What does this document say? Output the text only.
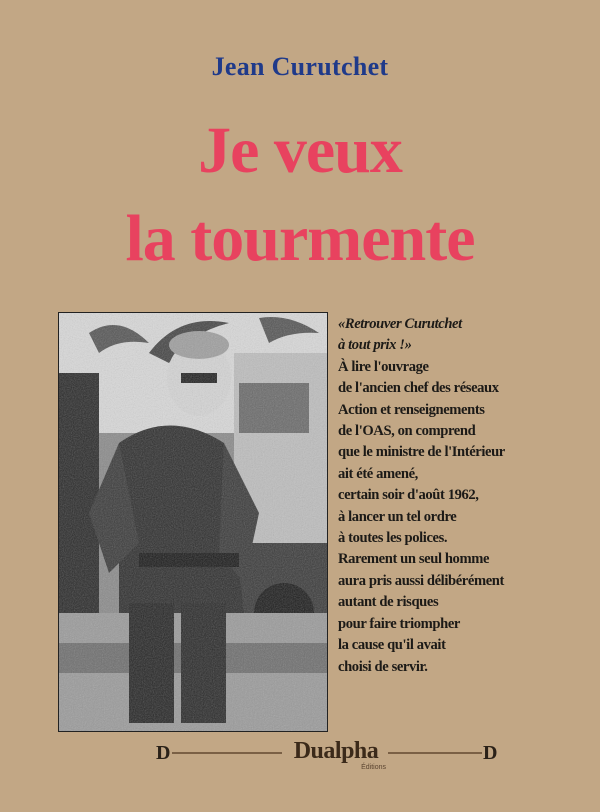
Jean Curutchet
Je veux
la tourmente
«Retrouver Curutchet
à tout prix !»
À lire l'ouvrage
de l'ancien chef des réseaux
Action et renseignements
de l'OAS, on comprend
que le ministre de l'Intérieur
ait été amené,
certain soir d'août 1962,
à lancer un tel ordre
à toutes les polices.
Rarement un seul homme
aura pris aussi délibérément
autant de risques
pour faire triompher
la cause qu'il avait
choisi de servir.
D	Dualpha
Éditions
D
